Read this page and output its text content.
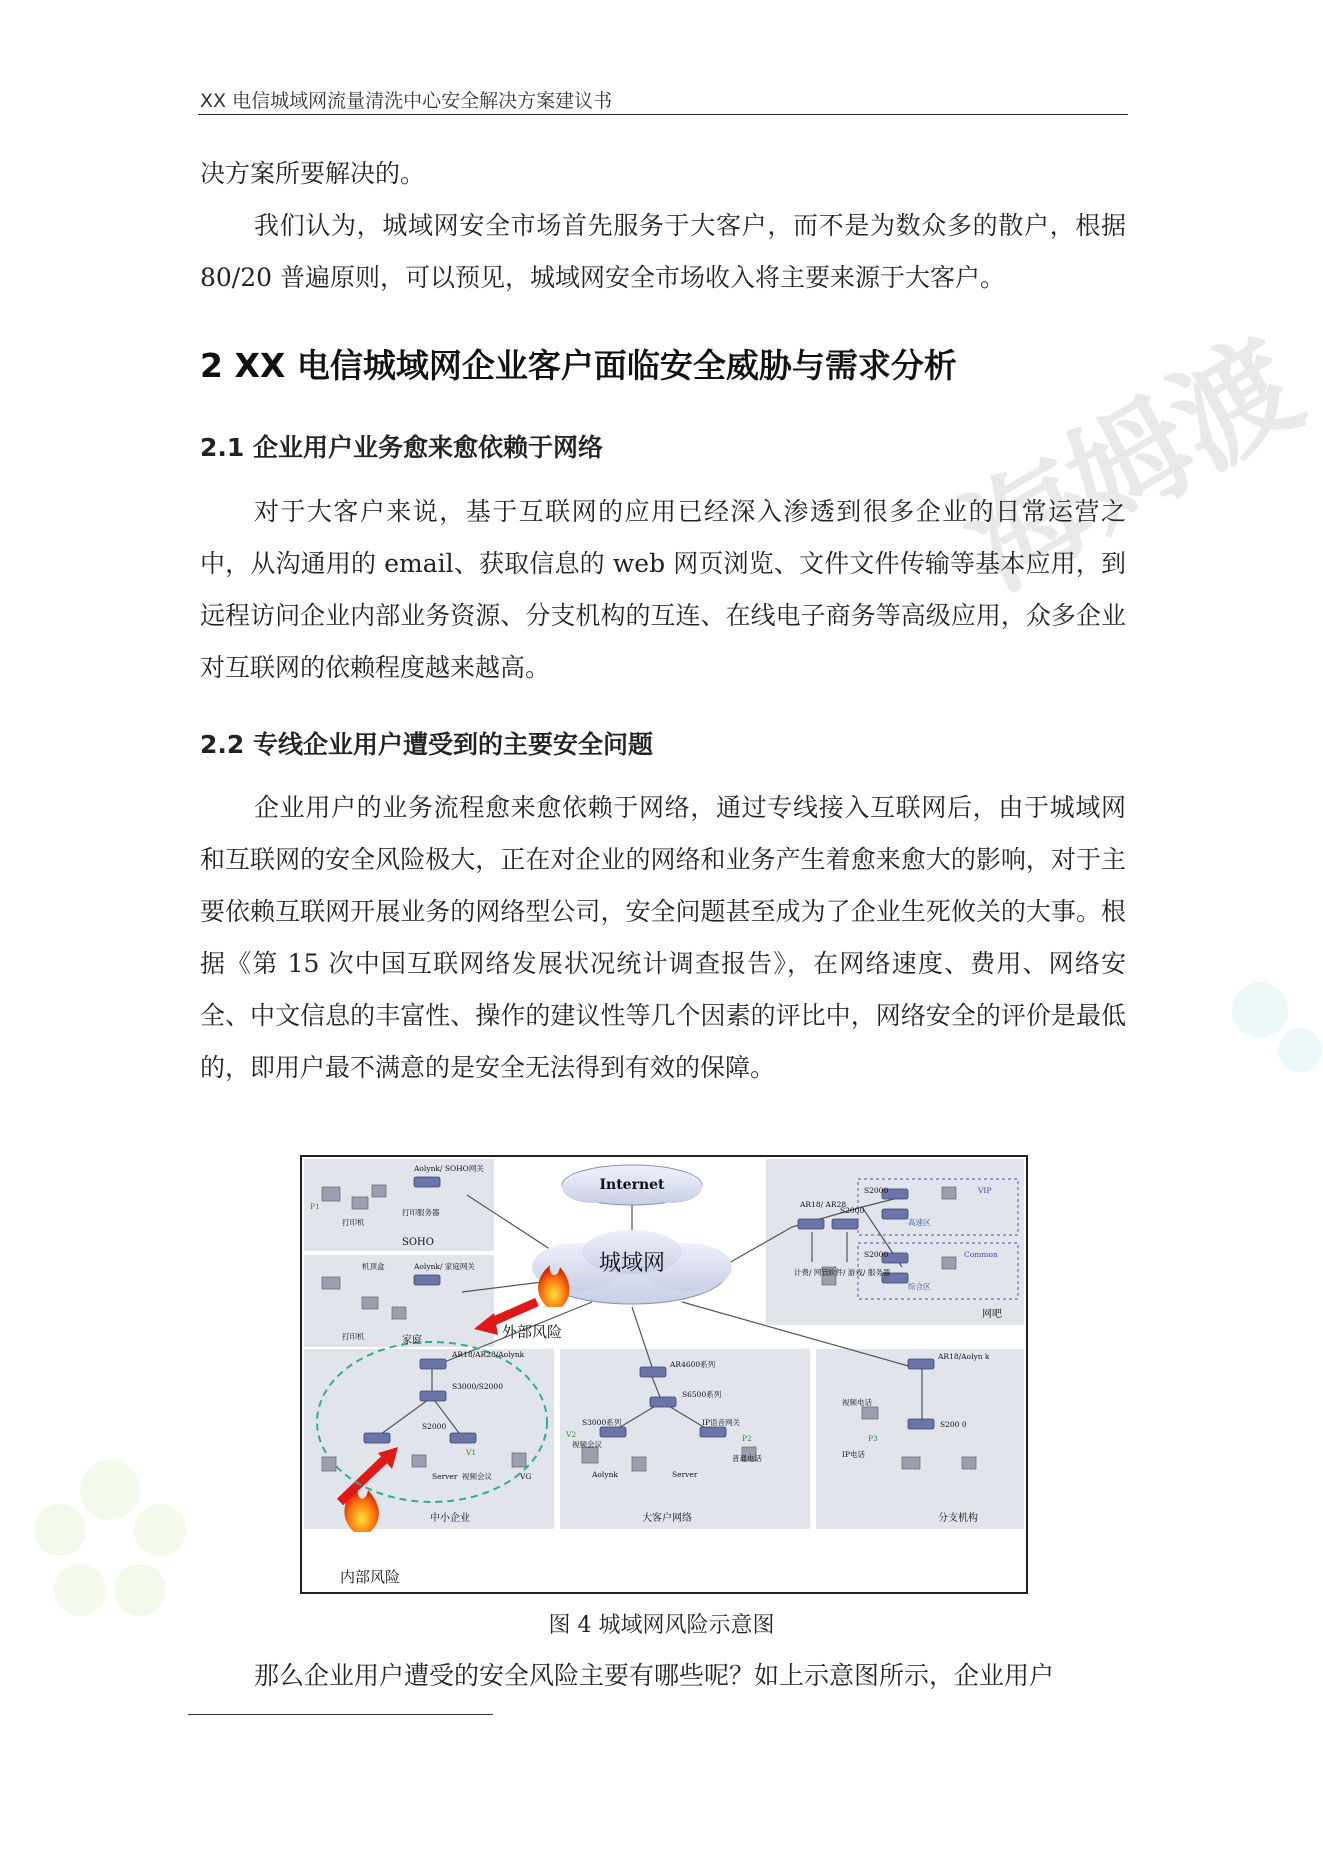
海姆渡
XX 电信城域网流量清洗中心安全解决方案建议书

决方案所要解决的。

我们认为，城域网安全市场首先服务于大客户，而不是为数众多的散户，根据 80/20 普遍原则，可以预见，城域网安全市场收入将主要来源于大客户。

2 XX 电信城域网企业客户面临安全威胁与需求分析
2.1 企业用户业务愈来愈依赖于网络

对于大客户来说，基于互联网的应用已经深入渗透到很多企业的日常运营之中，从沟通用的 email、获取信息的 web 网页浏览、文件文件传输等基本应用，到远程访问企业内部业务资源、分支机构的互连、在线电子商务等高级应用，众多企业对互联网的依赖程度越来越高。

2.2 专线企业用户遭受到的主要安全问题

企业用户的业务流程愈来愈依赖于网络，通过专线接入互联网后，由于城域网和互联网的安全风险极大，正在对企业的网络和业务产生着愈来愈大的影响，对于主要依赖互联网开展业务的网络型公司，安全问题甚至成为了企业生死攸关的大事。根据《第 15 次中国互联网络发展状况统计调查报告》，在网络速度、费用、网络安全、中文信息的丰富性、操作的建议性等几个因素的评比中，网络安全的评价是最低的，即用户最不满意的是安全无法得到有效的保障。

Internet
城域网
Aolynk/ SOHO网关
打印服务器
打印机
P1
Aolynk/ 家庭网关
机顶盒
打印机
AR18/ AR28
S2000
S2000
S2000
VIP
Common
高速区
综合区
计费/ 网管 软件/ 游戏/ 服务器
AR18/AR28/Aolynk
S3000/S2000
S2000
Server 视频会议
V1
VG
AR4600系列
S6500系列
S3000系列	IP语音网关
视频会议
V2	P2
普通电话
Aolynk	Server
AR18/Aolyn k
视频电话
IP电话
S200 0
P3
SOHO
家庭
网吧
中小企业	大客户网络	分支机构
外部风险
内部风险
图 4 城域网风险示意图

那么企业用户遭受的安全风险主要有哪些呢？如上示意图所示，企业用户
